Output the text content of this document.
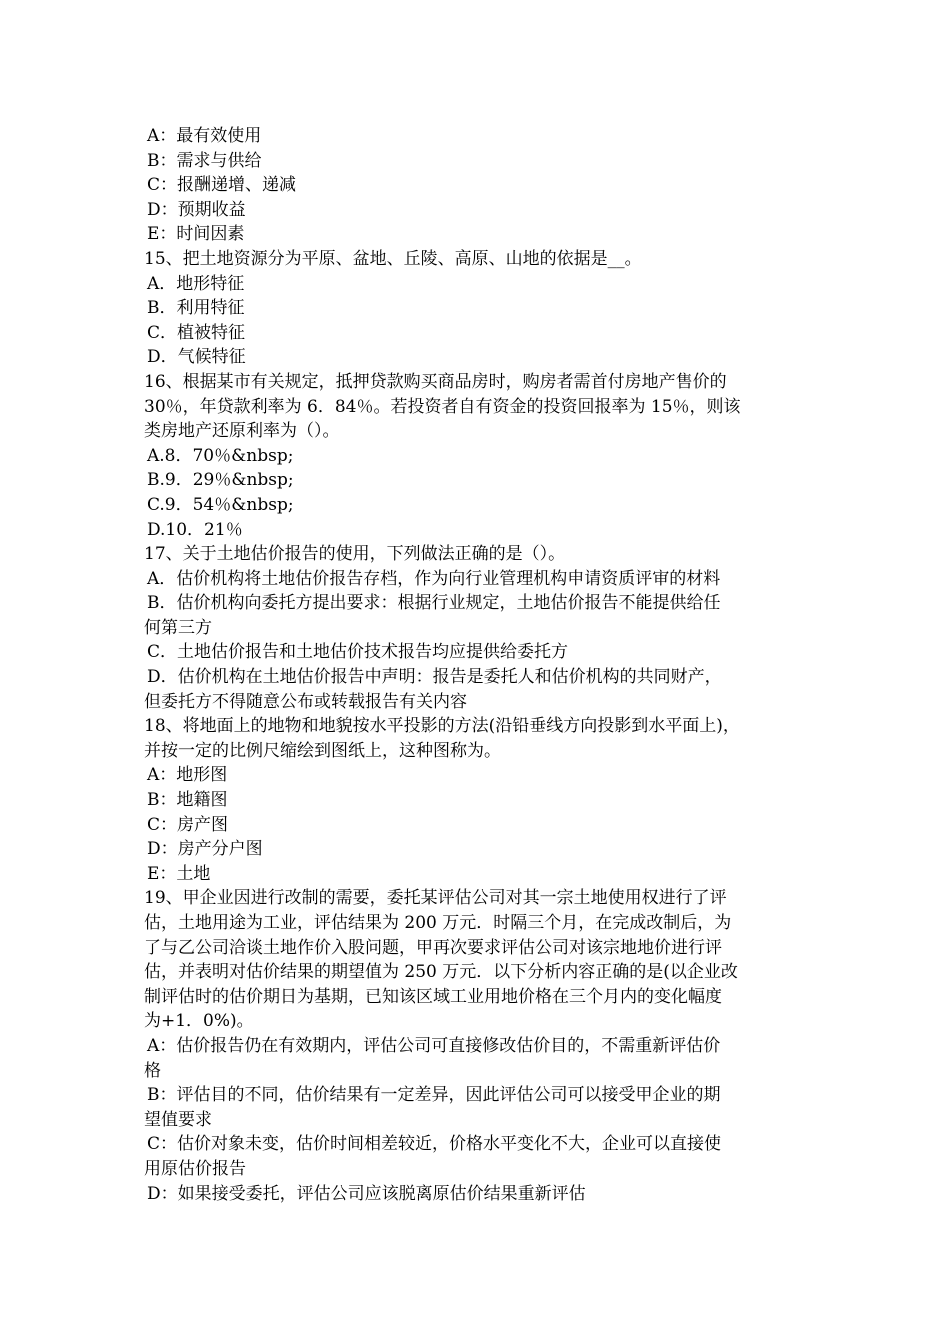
A：最有效使用

B：需求与供给

C：报酬递增、递减

D：预期收益

E：时间因素

15、把土地资源分为平原、盆地、丘陵、高原、山地的依据是__。

A．地形特征

B．利用特征

C．植被特征

D．气候特征

16、根据某市有关规定，抵押贷款购买商品房时，购房者需首付房地产售价的

30％，年贷款利率为 6．84％。若投资者自有资金的投资回报率为 15％，则该

类房地产还原利率为（）。

A.8．70％&nbsp;

B.9．29％&nbsp;

C.9．54％&nbsp;

D.10．21％

17、关于土地估价报告的使用，下列做法正确的是（）。

A．估价机构将土地估价报告存档，作为向行业管理机构申请资质评审的材料

B．估价机构向委托方提出要求：根据行业规定，土地估价报告不能提供给任

何第三方

C．土地估价报告和土地估价技术报告均应提供给委托方

D．估价机构在土地估价报告中声明：报告是委托人和估价机构的共同财产，

但委托方不得随意公布或转载报告有关内容

18、将地面上的地物和地貌按水平投影的方法(沿铅垂线方向投影到水平面上)，

并按一定的比例尺缩绘到图纸上，这种图称为。

A：地形图

B：地籍图

C：房产图

D：房产分户图

E：土地

19、甲企业因进行改制的需要，委托某评估公司对其一宗土地使用权进行了评

估，土地用途为工业，评估结果为 200 万元．时隔三个月，在完成改制后，为

了与乙公司洽谈土地作价入股问题，甲再次要求评估公司对该宗地地价进行评

估，并表明对估价结果的期望值为 250 万元．以下分析内容正确的是(以企业改

制评估时的估价期日为基期，已知该区域工业用地价格在三个月内的变化幅度

为+1．0%)。

A：估价报告仍在有效期内，评估公司可直接修改估价目的，不需重新评估价

格

B：评估目的不同，估价结果有一定差异，因此评估公司可以接受甲企业的期

望值要求

C：估价对象未变，估价时间相差较近，价格水平变化不大，企业可以直接使

用原估价报告

D：如果接受委托，评估公司应该脱离原估价结果重新评估
